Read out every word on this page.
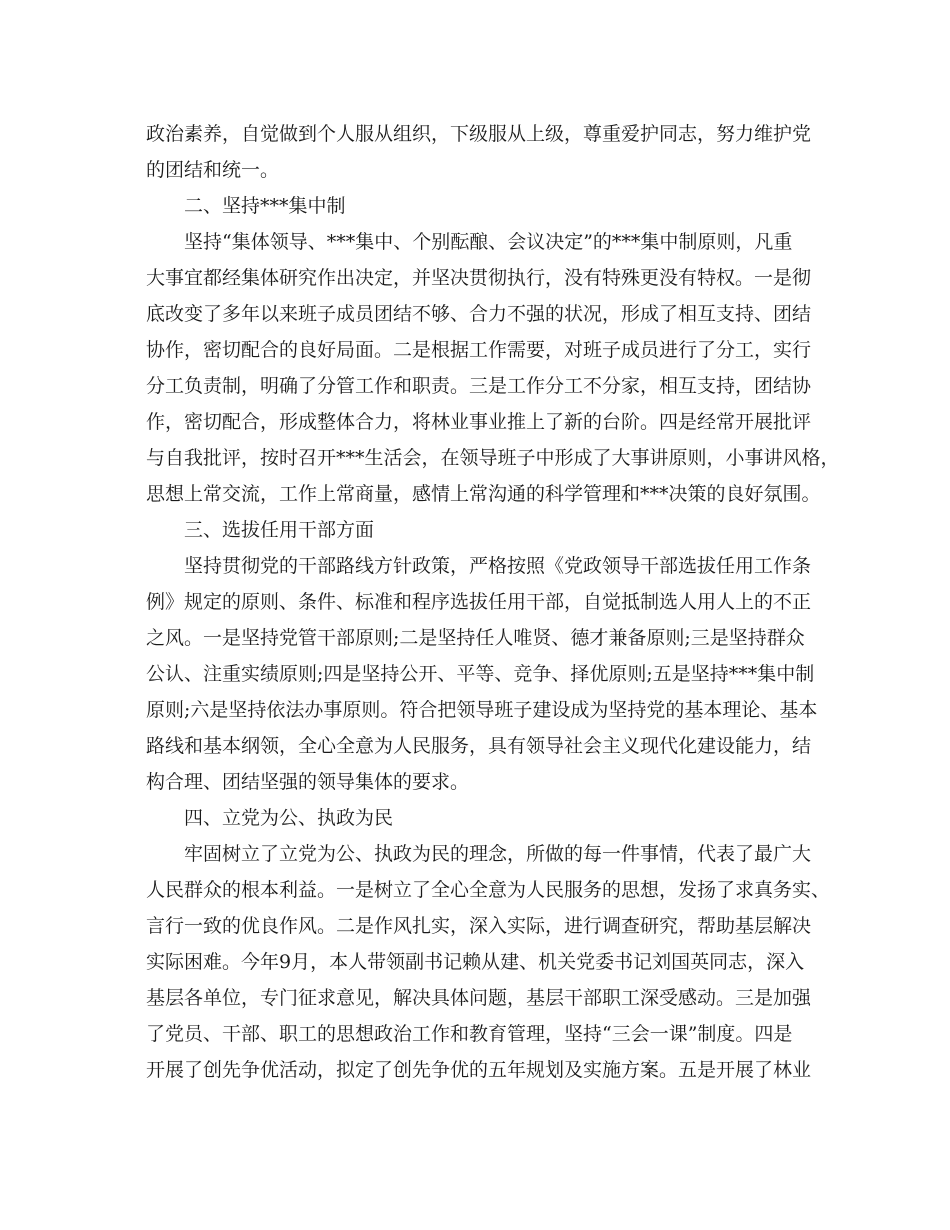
政治素养，自觉做到个人服从组织，下级服从上级，尊重爱护同志，努力维护党

的团结和统一。

二、坚持***集中制

坚持“集体领导、***集中、个别酝酿、会议决定”的***集中制原则，凡重

大事宜都经集体研究作出决定，并坚决贯彻执行，没有特殊更没有特权。一是彻

底改变了多年以来班子成员团结不够、合力不强的状况，形成了相互支持、团结

协作，密切配合的良好局面。二是根据工作需要，对班子成员进行了分工，实行

分工负责制，明确了分管工作和职责。三是工作分工不分家，相互支持，团结协

作，密切配合，形成整体合力，将林业事业推上了新的台阶。四是经常开展批评

与自我批评，按时召开***生活会，在领导班子中形成了大事讲原则，小事讲风格，

思想上常交流，工作上常商量，感情上常沟通的科学管理和***决策的良好氛围。

三、选拔任用干部方面

坚持贯彻党的干部路线方针政策，严格按照《党政领导干部选拔任用工作条

例》规定的原则、条件、标准和程序选拔任用干部，自觉抵制选人用人上的不正

之风。一是坚持党管干部原则;二是坚持任人唯贤、德才兼备原则;三是坚持群众

公认、注重实绩原则;四是坚持公开、平等、竞争、择优原则;五是坚持***集中制

原则;六是坚持依法办事原则。符合把领导班子建设成为坚持党的基本理论、基本

路线和基本纲领，全心全意为人民服务，具有领导社会主义现代化建设能力，结

构合理、团结坚强的领导集体的要求。

四、立党为公、执政为民

牢固树立了立党为公、执政为民的理念，所做的每一件事情，代表了最广大

人民群众的根本利益。一是树立了全心全意为人民服务的思想，发扬了求真务实、

言行一致的优良作风。二是作风扎实，深入实际，进行调查研究，帮助基层解决

实际困难。今年9月，本人带领副书记赖从建、机关党委书记刘国英同志，深入

基层各单位，专门征求意见，解决具体问题，基层干部职工深受感动。三是加强

了党员、干部、职工的思想政治工作和教育管理，坚持“三会一课”制度。四是

开展了创先争优活动，拟定了创先争优的五年规划及实施方案。五是开展了林业
